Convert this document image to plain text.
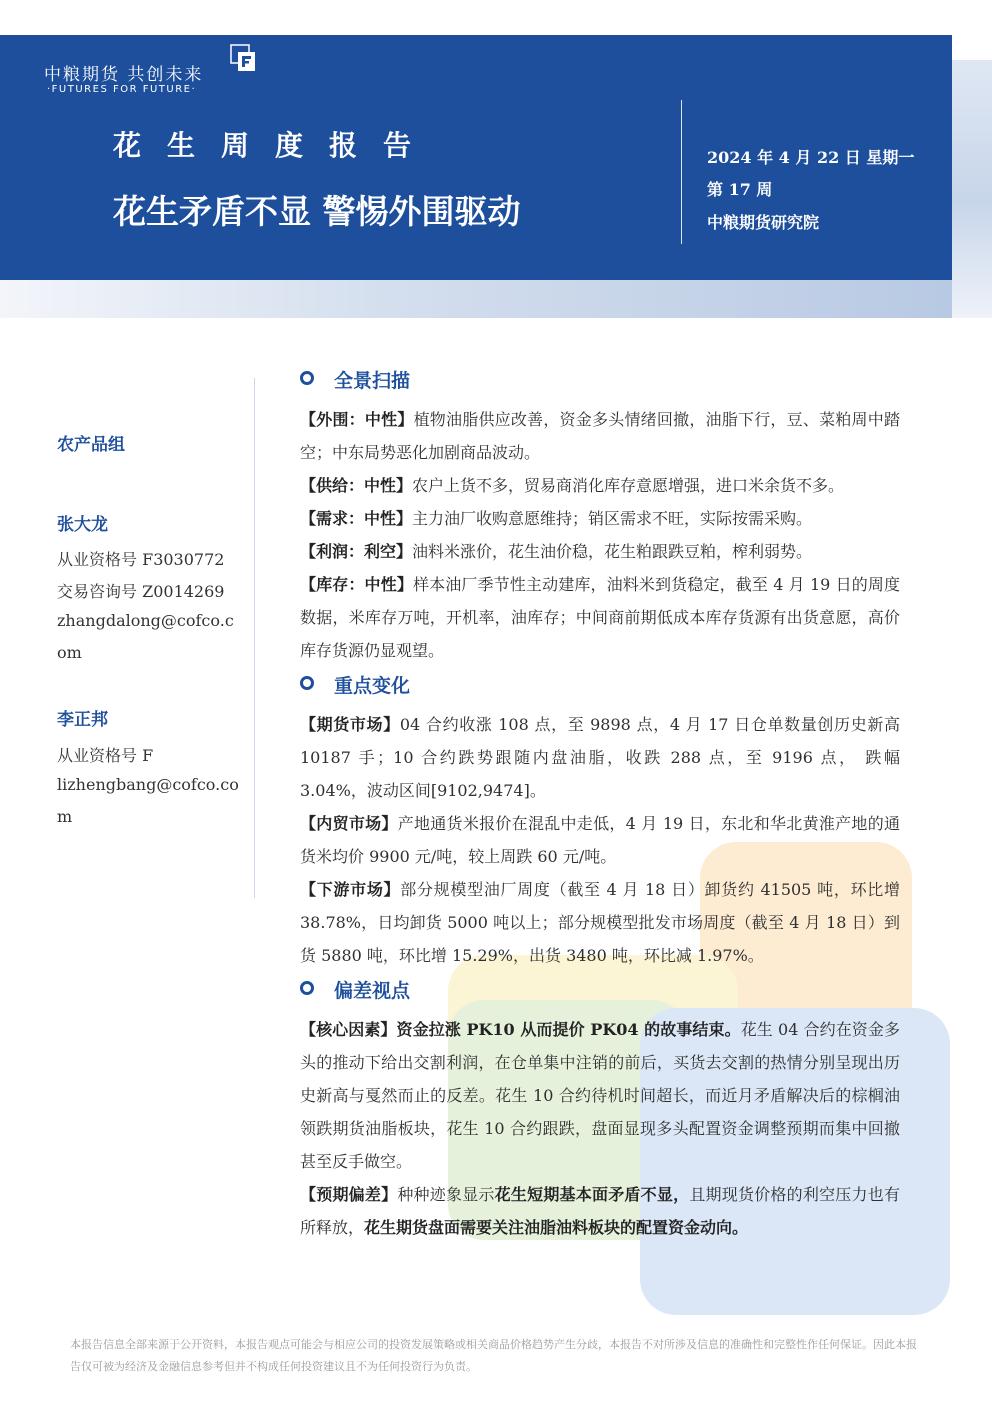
中粮期货 共创未来
·FUTURES FOR FUTURE·
花生周度报告
花生矛盾不显 警惕外围驱动
2024 年 4 月 22 日 星期一
第 17 周
中粮期货研究院
农产品组
张大龙
从业资格号 F3030772
交易咨询号 Z0014269
zhangdalong@cofco.c
om
李正邦
从业资格号 F
lizhengbang@cofco.co
m
全景扫描
【外围：中性】植物油脂供应改善，资金多头情绪回撤，油脂下行，豆、菜粕周中踏空；中东局势恶化加剧商品波动。
【供给：中性】农户上货不多，贸易商消化库存意愿增强，进口米余货不多。
【需求：中性】主力油厂收购意愿维持；销区需求不旺，实际按需采购。
【利润：利空】油料米涨价，花生油价稳，花生粕跟跌豆粕，榨利弱势。
【库存：中性】样本油厂季节性主动建库，油料米到货稳定，截至 4 月 19 日的周度数据，米库存万吨，开机率，油库存；中间商前期低成本库存货源有出货意愿，高价库存货源仍显观望。
重点变化
【期货市场】04 合约收涨 108 点，至 9898 点，4 月 17 日仓单数量创历史新高 10187 手；10 合约跌势跟随内盘油脂，收跌 288 点，至 9196 点， 跌幅 3.04%，波动区间[9102,9474]。
【内贸市场】产地通货米报价在混乱中走低，4 月 19 日，东北和华北黄淮产地的通货米均价 9900 元/吨，较上周跌 60 元/吨。
【下游市场】部分规模型油厂周度（截至 4 月 18 日）卸货约 41505 吨，环比增 38.78%，日均卸货 5000 吨以上；部分规模型批发市场周度（截至 4 月 18 日）到货 5880 吨，环比增 15.29%，出货 3480 吨，环比减 1.97%。
偏差视点
【核心因素】资金拉涨 PK10 从而提价 PK04 的故事结束。花生 04 合约在资金多头的推动下给出交割利润，在仓单集中注销的前后，买货去交割的热情分别呈现出历史新高与戛然而止的反差。花生 10 合约待机时间超长，而近月矛盾解决后的棕榈油领跌期货油脂板块，花生 10 合约跟跌，盘面显现多头配置资金调整预期而集中回撤甚至反手做空。
【预期偏差】种种迹象显示花生短期基本面矛盾不显，且期现货价格的利空压力也有所释放，花生期货盘面需要关注油脂油料板块的配置资金动向。
本报告信息全部来源于公开资料，本报告观点可能会与相应公司的投资发展策略或相关商品价格趋势产生分歧，本报告不对所涉及信息的准确性和完整性作任何保证。因此本报告仅可被为经济及金融信息参考但并不构成任何投资建议且不为任何投资行为负责。
